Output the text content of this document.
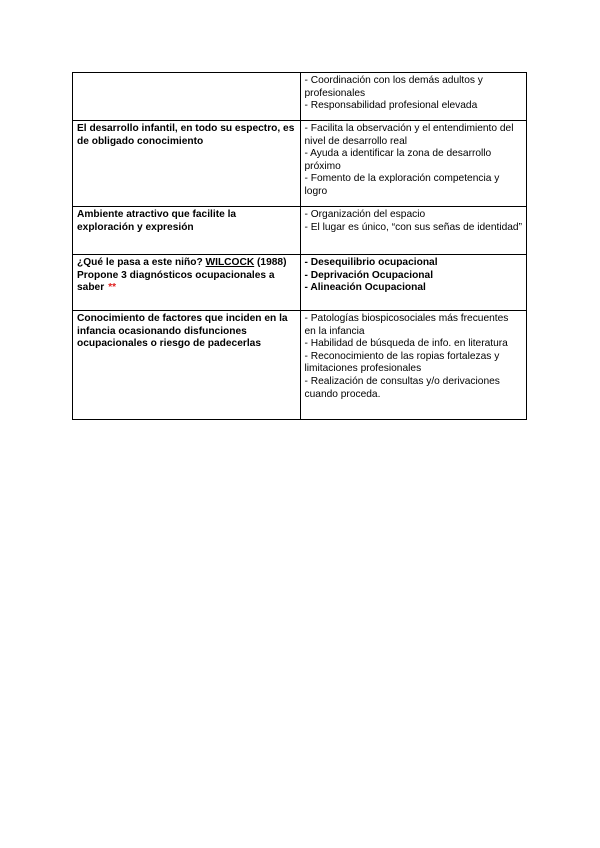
	- Coordinación con los demás adultos y profesionales
- Responsabilidad profesional elevada

El desarrollo infantil, en todo su espectro, es de obligado conocimiento	- Facilita la observación y el entendimiento del nivel de desarrollo real
- Ayuda a identificar la zona de desarrollo próximo
- Fomento de la exploración competencia y logro

Ambiente atractivo que facilite la exploración y expresión	- Organización del espacio
- El lugar es único, “con sus señas de identidad”

¿Qué le pasa a este niño? WILCOCK (1988) Propone 3 diagnósticos ocupacionales a saber **	- Desequilibrio ocupacional
- Deprivación Ocupacional
- Alineación Ocupacional

Conocimiento de factores que inciden en la infancia ocasionando disfunciones ocupacionales o riesgo de padecerlas	- Patologías biospicosociales más frecuentes en la infancia
- Habilidad de búsqueda de info. en literatura
- Reconocimiento de las ropias fortalezas y limitaciones profesionales
- Realización de consultas y/o derivaciones cuando proceda.
